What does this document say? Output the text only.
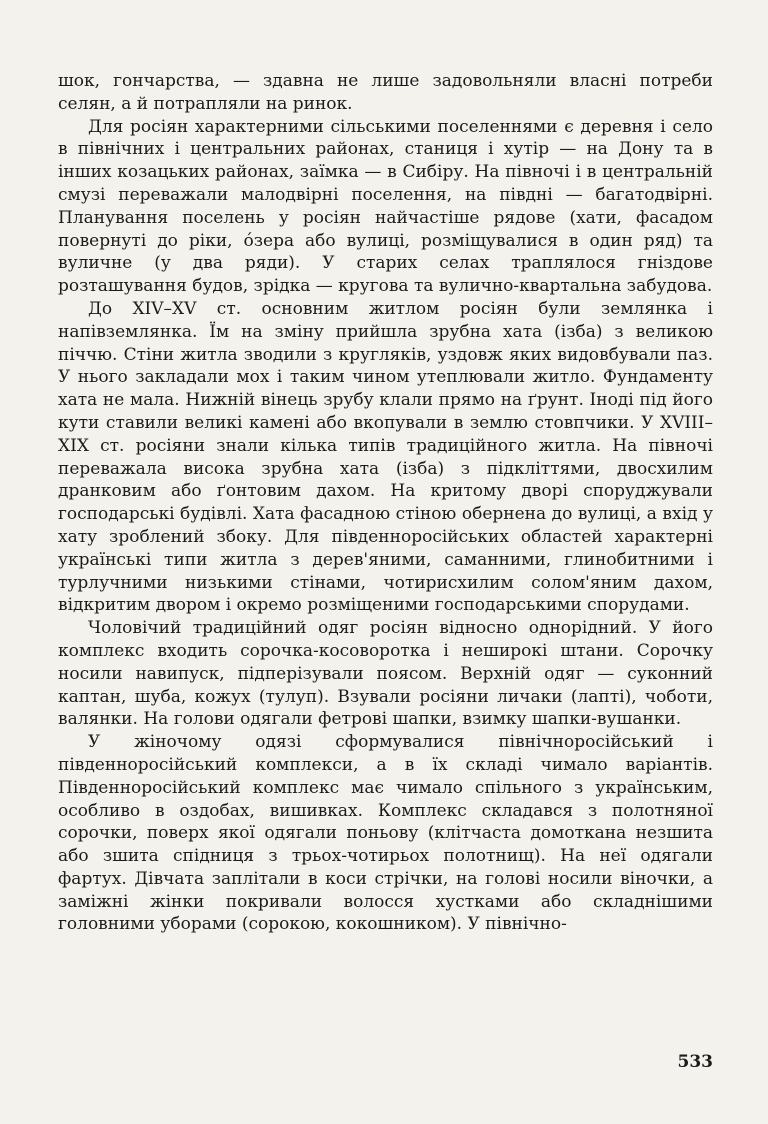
шок, гончарства, — здавна не лише задовольняли власні потреби селян, а й потрапляли на ринок.

Для росіян характерними сільськими поселеннями є деревня і село в північних і центральних районах, станиця і хутір — на Дону та в інших козацьких районах, заїмка — в Сибіру. На півночі і в центральній смузі переважали малодвірні поселення, на півдні — багатодвірні. Планування поселень у росіян найчастіше рядове (хати, фасадом повернуті до ріки, óзера або вулиці, розміщувалися в один ряд) та вуличне (у два ряди). У старих селах траплялося гніздове розташування будов, зрідка — кругова та вулично-квартальна забудова.

До XIV–XV ст. основним житлом росіян були землянка і напівземлянка. Їм на зміну прийшла зрубна хата (ізба) з великою піччю. Стіни житла зводили з кругляків, уздовж яких видовбували паз. У нього закладали мох і таким чином утеплювали житло. Фундаменту хата не мала. Нижній вінець зрубу клали прямо на ґрунт. Іноді під його кути ставили великі камені або вкопували в землю стовпчики. У XVIII–XIX ст. росіяни знали кілька типів традиційного житла. На півночі переважала висока зрубна хата (ізба) з підкліттями, двосхилим дранковим або ґонтовим дахом. На критому дворі споруджували господарські будівлі. Хата фасадною стіною обернена до вулиці, а вхід у хату зроблений збоку. Для південноросійських областей характерні українські типи житла з дерев'яними, саманними, глинобитними і турлучними низькими стінами, чотирисхилим солом'яним дахом, відкритим двором і окремо розміщеними господарськими спорудами.

Чоловічий традиційний одяг росіян відносно однорідний. У його комплекс входить сорочка-косоворотка і неширокі штани. Сорочку носили навипуск, підперізували поясом. Верхній одяг — суконний каптан, шуба, кожух (тулуп). Взували росіяни личаки (лапті), чоботи, валянки. На голови одягали фетрові шапки, взимку шапки-вушанки.

У жіночому одязі сформувалися північноросійський і південноросійський комплекси, а в їх складі чимало варіантів. Південноросійський комплекс має чимало спільного з українським, особливо в оздобах, вишивках. Комплекс складався з полотняної сорочки, поверх якої одягали поньову (клітчаста домоткана незшита або зшита спідниця з трьох-чотирьох полотнищ). На неї одягали фартух. Дівчата заплітали в коси стрічки, на голові носили віночки, а заміжні жінки покривали волосся хустками або складнішими головними уборами (сорокою, кокошником). У північно-

533
